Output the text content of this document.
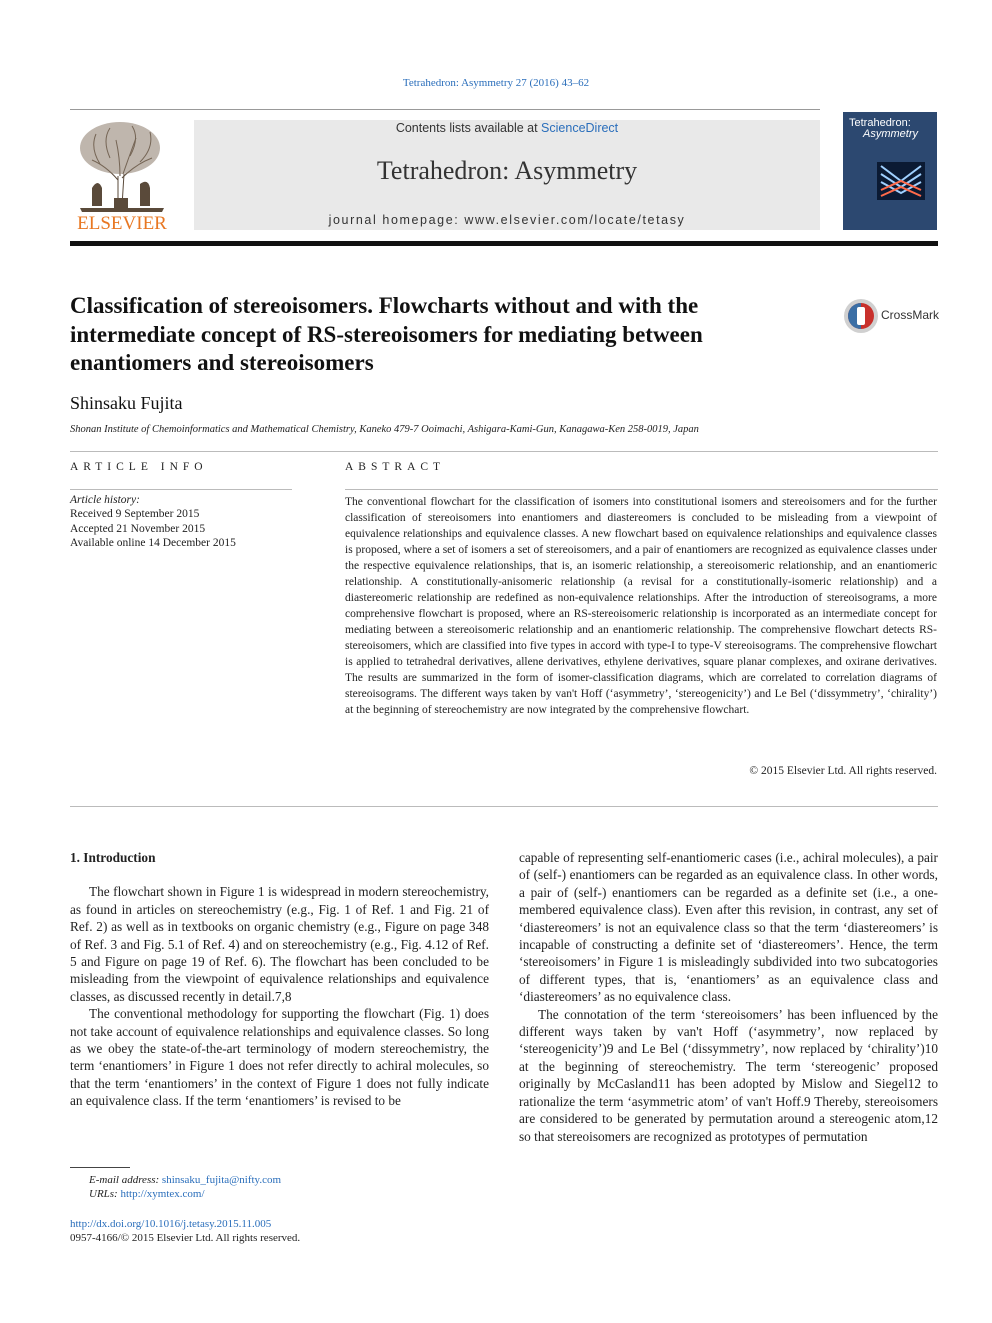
Tetrahedron: Asymmetry 27 (2016) 43–62
ELSEVIER
Contents lists available at ScienceDirect
Tetrahedron: Asymmetry
journal homepage: www.elsevier.com/locate/tetasy
Tetrahedron:
Asymmetry
Classification of stereoisomers. Flowcharts without and with the intermediate concept of RS-stereoisomers for mediating between enantiomers and stereoisomers
CrossMark
Shinsaku Fujita
Shonan Institute of Chemoinformatics and Mathematical Chemistry, Kaneko 479-7 Ooimachi, Ashigara-Kami-Gun, Kanagawa-Ken 258-0019, Japan
ARTICLE INFO
Article history:
Received 9 September 2015
Accepted 21 November 2015
Available online 14 December 2015
ABSTRACT
The conventional flowchart for the classification of isomers into constitutional isomers and stereoisomers and for the further classification of stereoisomers into enantiomers and diastereomers is concluded to be misleading from a viewpoint of equivalence relationships and equivalence classes. A new flowchart based on equivalence relationships and equivalence classes is proposed, where a set of isomers a set of stereoisomers, and a pair of enantiomers are recognized as equivalence classes under the respective equivalence relationships, that is, an isomeric relationship, a stereoisomeric relationship, and an enantiomeric relationship. A constitutionally-anisomeric relationship (a revisal for a constitutionally-isomeric relationship) and a diastereomeric relationship are redefined as non-equivalence relationships. After the introduction of stereoisograms, a more comprehensive flowchart is proposed, where an RS-stereoisomeric relationship is incorporated as an intermediate concept for mediating between a stereoisomeric relationship and an enantiomeric relationship. The comprehensive flowchart detects RS-stereoisomers, which are classified into five types in accord with type-I to type-V stereoisograms. The comprehensive flowchart is applied to tetrahedral derivatives, allene derivatives, ethylene derivatives, square planar complexes, and oxirane derivatives. The results are summarized in the form of isomer-classification diagrams, which are correlated to correlation diagrams of stereoisograms. The different ways taken by van't Hoff (‘asymmetry’, ‘stereogenicity’) and Le Bel (‘dissymmetry’, ‘chirality’) at the beginning of stereochemistry are now integrated by the comprehensive flowchart.
© 2015 Elsevier Ltd. All rights reserved.

1. Introduction

The flowchart shown in Figure 1 is widespread in modern stereochemistry, as found in articles on stereochemistry (e.g., Fig. 1 of Ref. 1 and Fig. 21 of Ref. 2) as well as in textbooks on organic chemistry (e.g., Figure on page 348 of Ref. 3 and Fig. 5.1 of Ref. 4) and on stereochemistry (e.g., Fig. 4.12 of Ref. 5 and Figure on page 19 of Ref. 6). The flowchart has been concluded to be misleading from the viewpoint of equivalence relationships and equivalence classes, as discussed recently in detail.7,8

The conventional methodology for supporting the flowchart (Fig. 1) does not take account of equivalence relationships and equivalence classes. So long as we obey the state-of-the-art terminology of modern stereochemistry, the term ‘enantiomers’ in Figure 1 does not refer directly to achiral molecules, so that the term ‘enantiomers’ in the context of Figure 1 does not fully indicate an equivalence class. If the term ‘enantiomers’ is revised to be

capable of representing self-enantiomeric cases (i.e., achiral molecules), a pair of (self-) enantiomers can be regarded as an equivalence class. In other words, a pair of (self-) enantiomers can be regarded as a definite set (i.e., a one-membered equivalence class). Even after this revision, in contrast, any set of ‘diastereomers’ is not an equivalence class so that the term ‘diastereomers’ is incapable of constructing a definite set of ‘diastereomers’. Hence, the term ‘stereoisomers’ in Figure 1 is misleadingly subdivided into two subcatogories of different types, that is, ‘enantiomers’ as an equivalence class and ‘diastereomers’ as no equivalence class.

The connotation of the term ‘stereoisomers’ has been influenced by the different ways taken by van't Hoff (‘asymmetry’, now replaced by ‘stereogenicity’)9 and Le Bel (‘dissymmetry’, now replaced by ‘chirality’)10 at the beginning of stereochemistry. The term ‘stereogenic’ proposed originally by McCasland11 has been adopted by Mislow and Siegel12 to rationalize the term ‘asymmetric atom’ of van't Hoff.9 Thereby, stereoisomers are considered to be generated by permutation around a stereogenic atom,12 so that stereoisomers are recognized as prototypes of permutation

E-mail address: shinsaku_fujita@nifty.com
URLs: http://xymtex.com/
http://dx.doi.org/10.1016/j.tetasy.2015.11.005
0957-4166/© 2015 Elsevier Ltd. All rights reserved.
